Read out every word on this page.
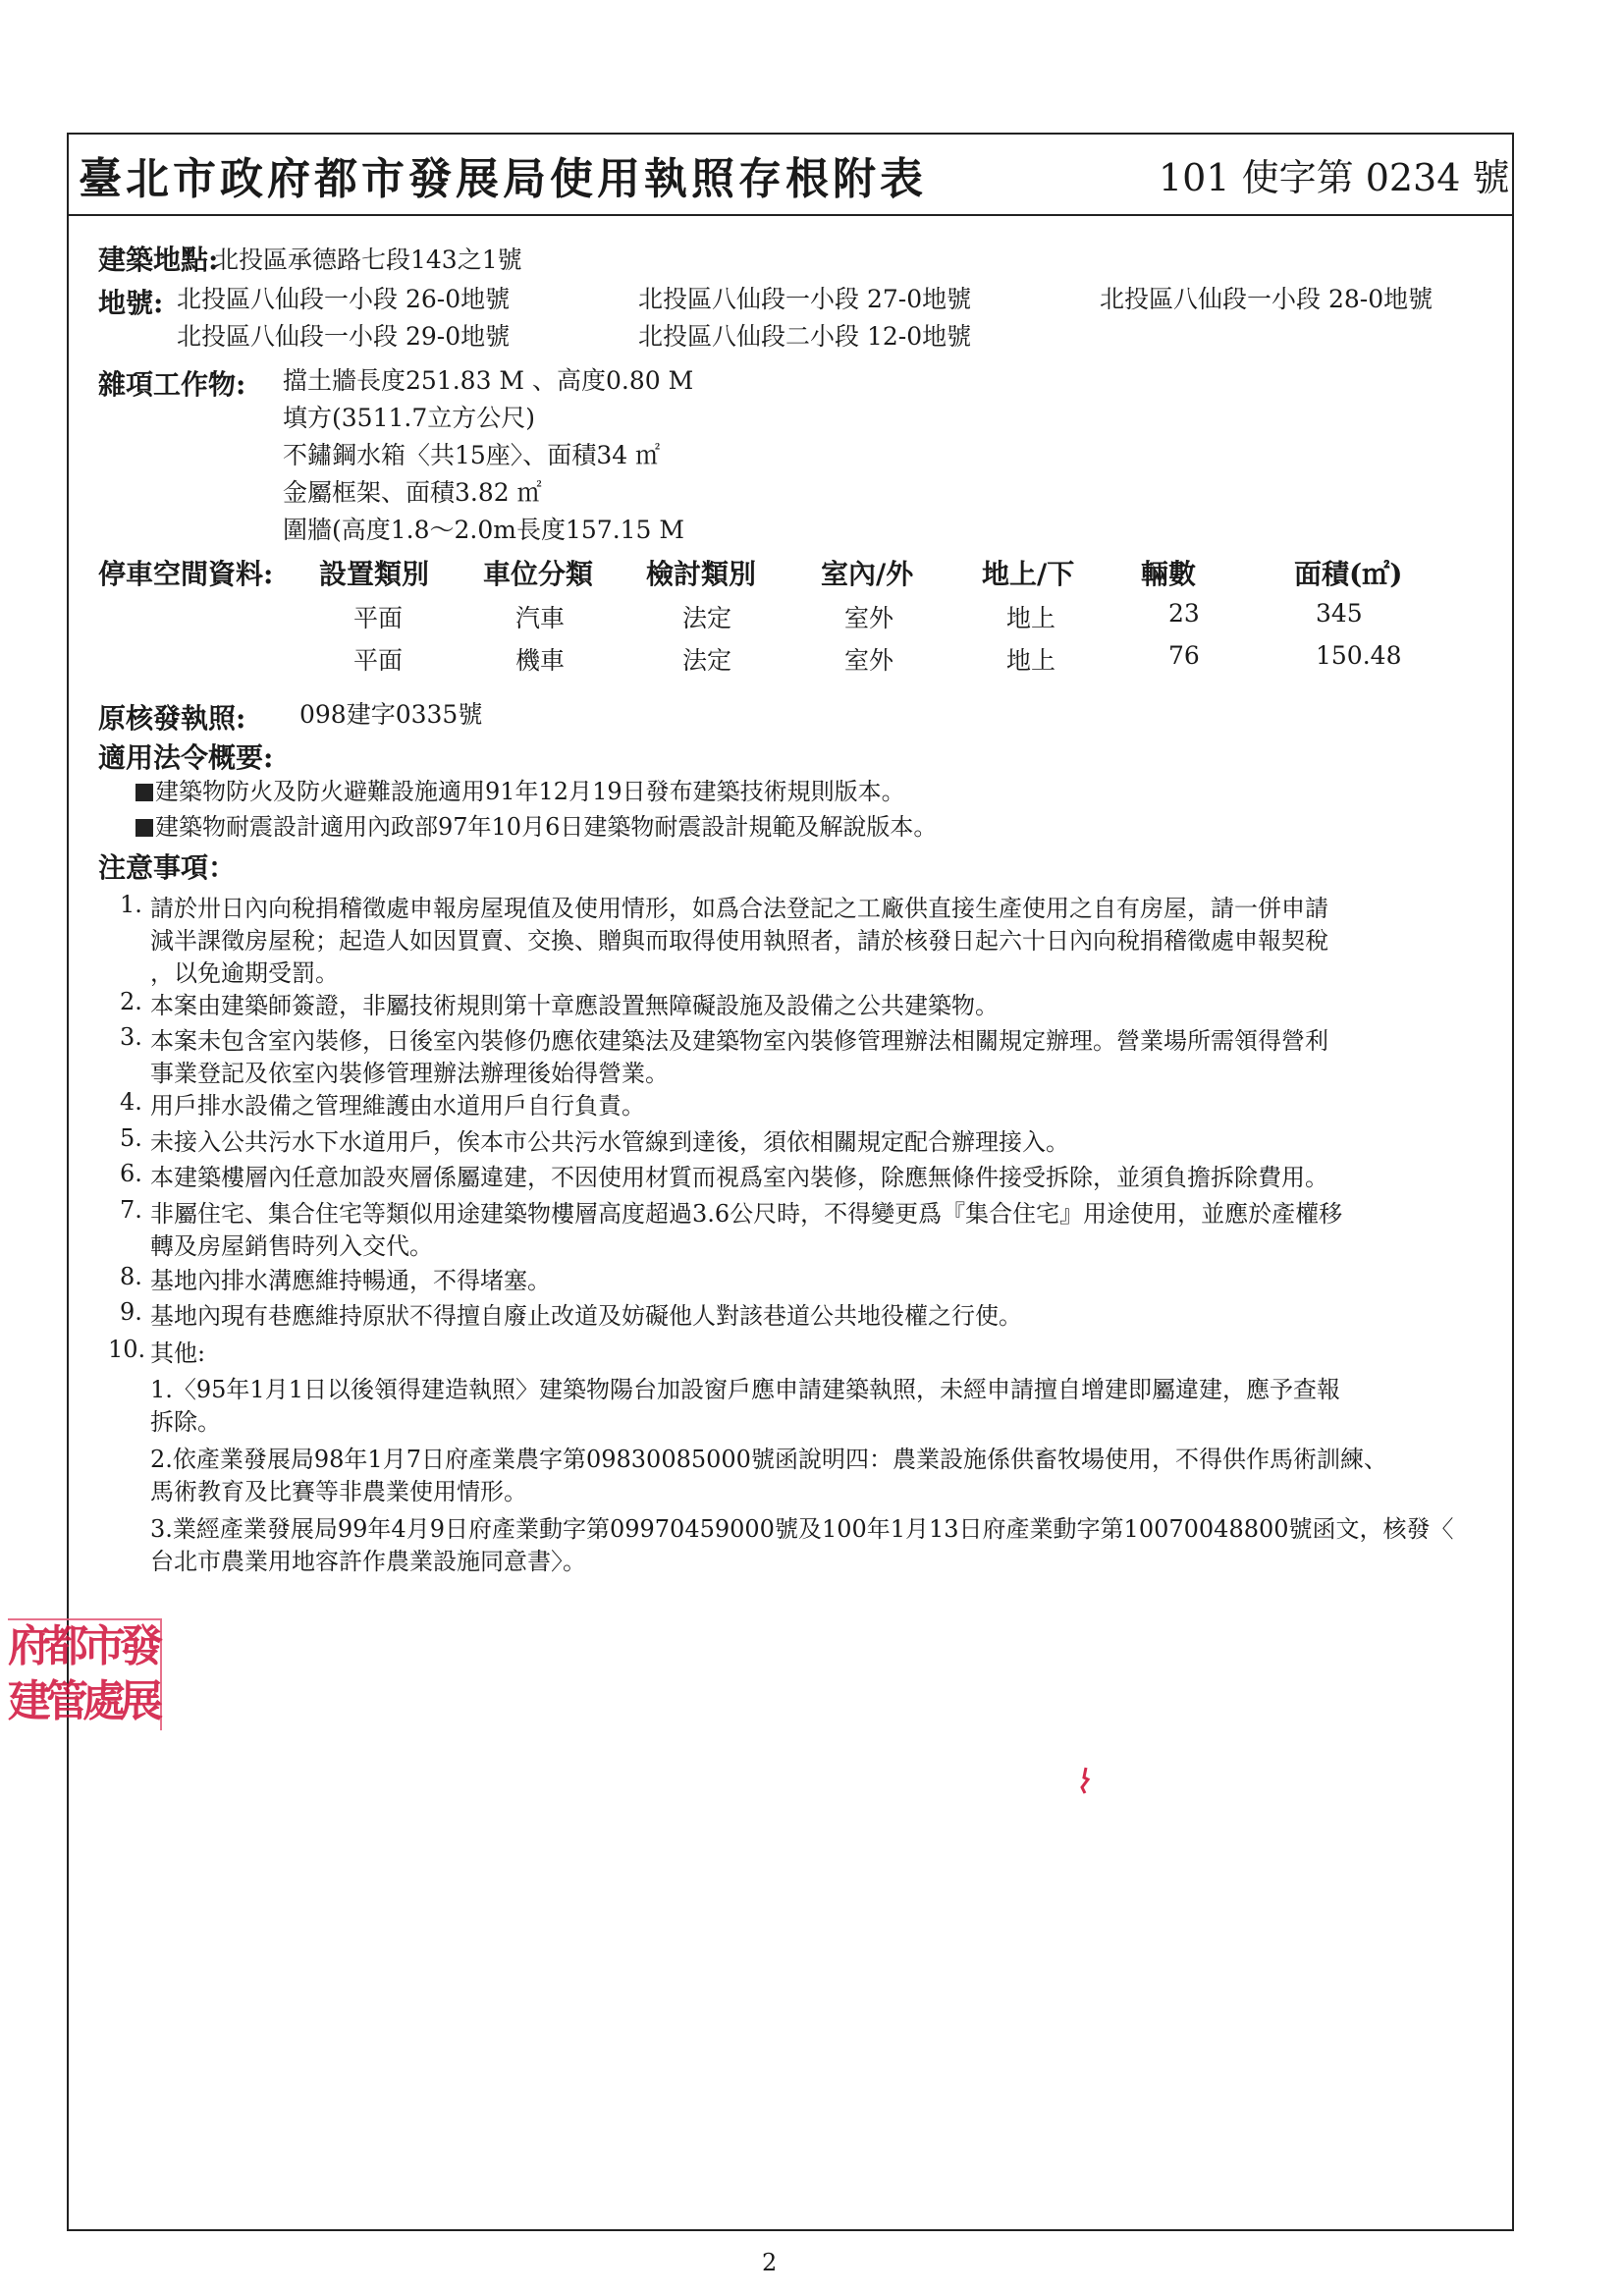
臺北市政府都市發展局使用執照存根附表	101 使字第 0234 號
建築地點:
北投區承德路七段143之1號
地號: 北投區八仙段一小段 26-0地號	北投區八仙段一小段 27-0地號	北投區八仙段一小段 28-0地號
北投區八仙段一小段 29-0地號	北投區八仙段二小段 12-0地號
雜項工作物: 擋土牆長度251.83 M 、高度0.80 M
填方(3511.7立方公尺)
不鏽鋼水箱〈共15座〉、面積34 ㎡
金屬框架、面積3.82 ㎡
圍牆(高度1.8～2.0m長度157.15 M
停車空間資料: 設置類別 車位分類 檢討類別 室內/外 地上/下 輛數	面積(㎡)
平面	汽車	法定	室外	地上	23	345
平面	機車	法定	室外	地上	76	150.48
原核發執照: 098建字0335號
適用法令概要:
建築物防火及防火避難設施適用91年12月19日發布建築技術規則版本。
建築物耐震設計適用內政部97年10月6日建築物耐震設計規範及解說版本。
注意事項：
1. 請於卅日內向稅捐稽徵處申報房屋現值及使用情形，如爲合法登記之工廠供直接生產使用之自有房屋，請一併申請
減半課徵房屋稅；起造人如因買賣、交換、贈與而取得使用執照者，請於核發日起六十日內向稅捐稽徵處申報契稅
，以免逾期受罰。
2. 本案由建築師簽證，非屬技術規則第十章應設置無障礙設施及設備之公共建築物。
3. 本案未包含室內裝修，日後室內裝修仍應依建築法及建築物室內裝修管理辦法相關規定辦理。營業場所需領得營利
事業登記及依室內裝修管理辦法辦理後始得營業。
4. 用戶排水設備之管理維護由水道用戶自行負責。
5. 未接入公共污水下水道用戶，俟本市公共污水管線到達後，須依相關規定配合辦理接入。
6. 本建築樓層內任意加設夾層係屬違建，不因使用材質而視爲室內裝修，除應無條件接受拆除，並須負擔拆除費用。
7. 非屬住宅、集合住宅等類似用途建築物樓層高度超過3.6公尺時，不得變更爲『集合住宅』用途使用，並應於產權移
轉及房屋銷售時列入交代。
8. 基地內排水溝應維持暢通，不得堵塞。
9. 基地內現有巷應維持原狀不得擅自廢止改道及妨礙他人對該巷道公共地役權之行使。
10. 其他:
1.〈95年1月1日以後領得建造執照〉建築物陽台加設窗戶應申請建築執照，未經申請擅自增建即屬違建，應予查報
拆除。
2.依產業發展局98年1月7日府產業農字第09830085000號函說明四：農業設施係供畜牧場使用，不得供作馬術訓練、
馬術教育及比賽等非農業使用情形。
3.業經產業發展局99年4月9日府產業動字第09970459000號及100年1月13日府產業動字第10070048800號函文，核發〈
台北市農業用地容許作農業設施同意書〉。
府
都
市
發
建
管
處
展
2
